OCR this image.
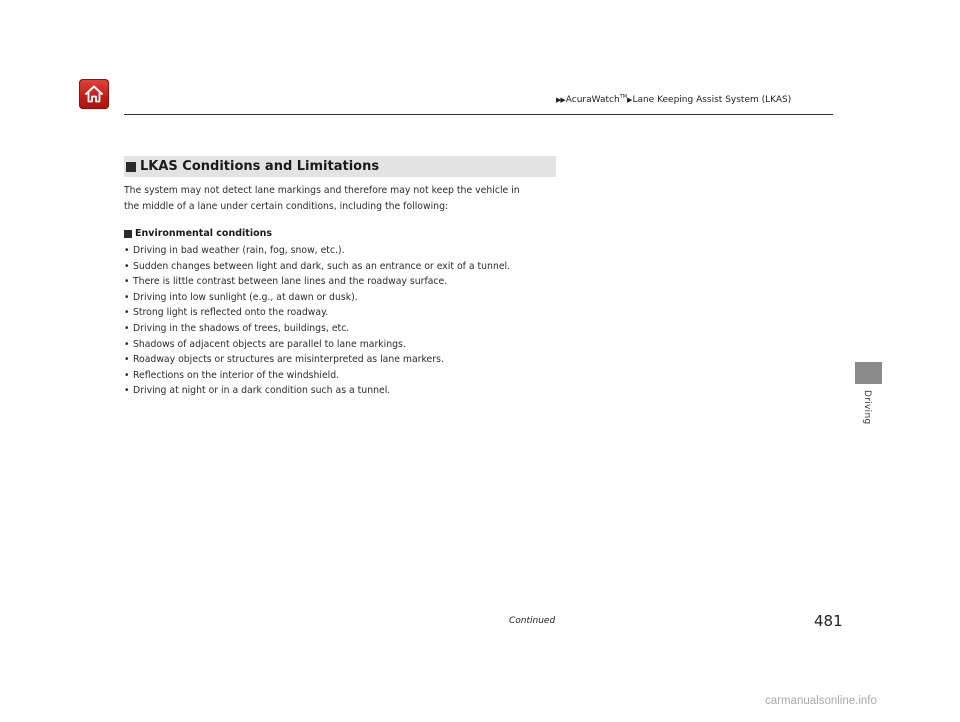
▶▶ AcuraWatch™ ▶ Lane Keeping Assist System (LKAS)
LKAS Conditions and Limitations
The system may not detect lane markings and therefore may not keep the vehicle in
the middle of a lane under certain conditions, including the following:
Environmental conditions
• Driving in bad weather (rain, fog, snow, etc.).
• Sudden changes between light and dark, such as an entrance or exit of a tunnel.
• There is little contrast between lane lines and the roadway surface.
• Driving into low sunlight (e.g., at dawn or dusk).
• Strong light is reflected onto the roadway.
• Driving in the shadows of trees, buildings, etc.
• Shadows of adjacent objects are parallel to lane markings.
• Roadway objects or structures are misinterpreted as lane markers.
• Reflections on the interior of the windshield.
• Driving at night or in a dark condition such as a tunnel.	Driving
Continued	481
carmanualsonline.info
